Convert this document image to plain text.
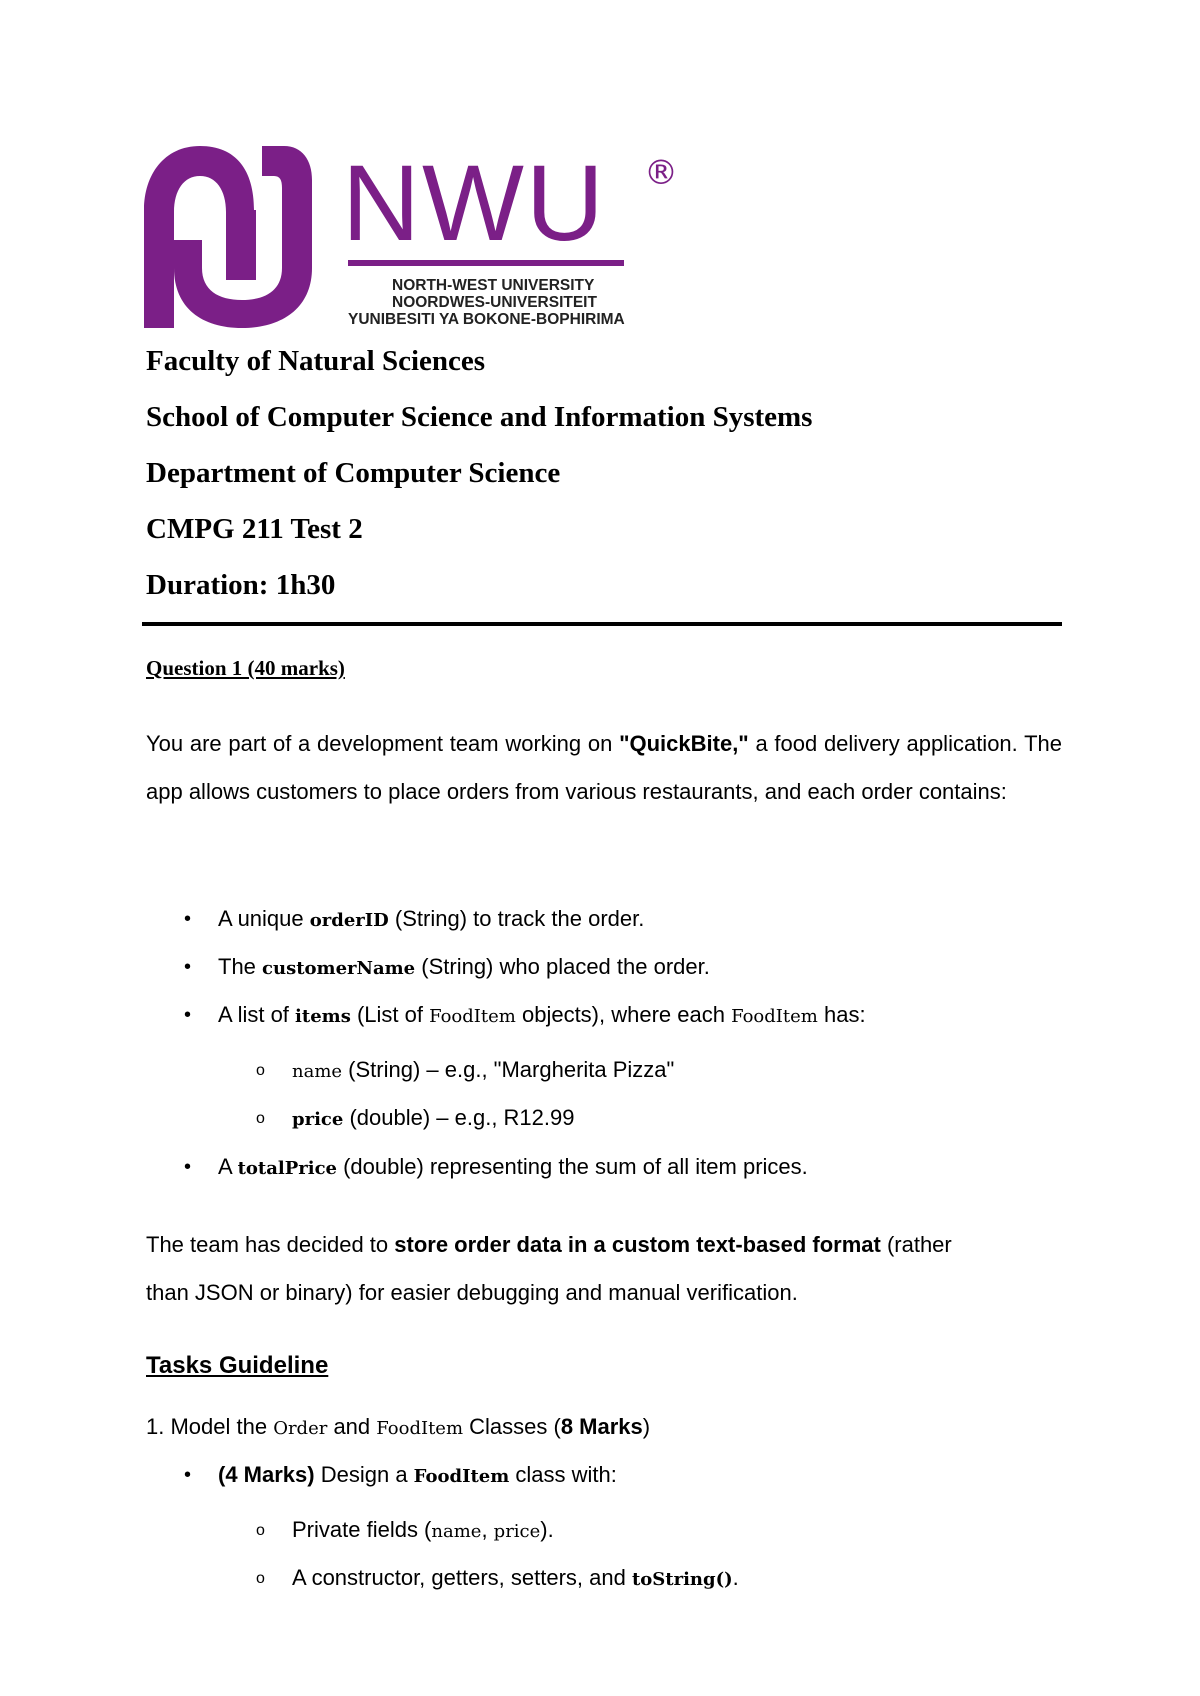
NWU ®
NORTH-WEST UNIVERSITY
NOORDWES-UNIVERSITEIT
YUNIBESITI YA BOKONE-BOPHIRIMA
Faculty of Natural Sciences
School of Computer Science and Information Systems
Department of Computer Science
CMPG 211 Test 2
Duration: 1h30
Question 1 (40 marks)
You are part of a development team working on "QuickBite," a food delivery application. The app allows customers to place orders from various restaurants, and each order contains:
• A unique orderID (String) to track the order.
• The customerName (String) who placed the order.
• A list of items (List of FoodItem objects), where each FoodItem has:
o name (String) – e.g., "Margherita Pizza"
o price (double) – e.g., R12.99
• A totalPrice (double) representing the sum of all item prices.
The team has decided to store order data in a custom text-based format (rather
than JSON or binary) for easier debugging and manual verification.
Tasks Guideline
1. Model the Order and FoodItem Classes (8 Marks)
• (4 Marks) Design a FoodItem class with:
o Private fields (name, price).
o A constructor, getters, setters, and toString().
